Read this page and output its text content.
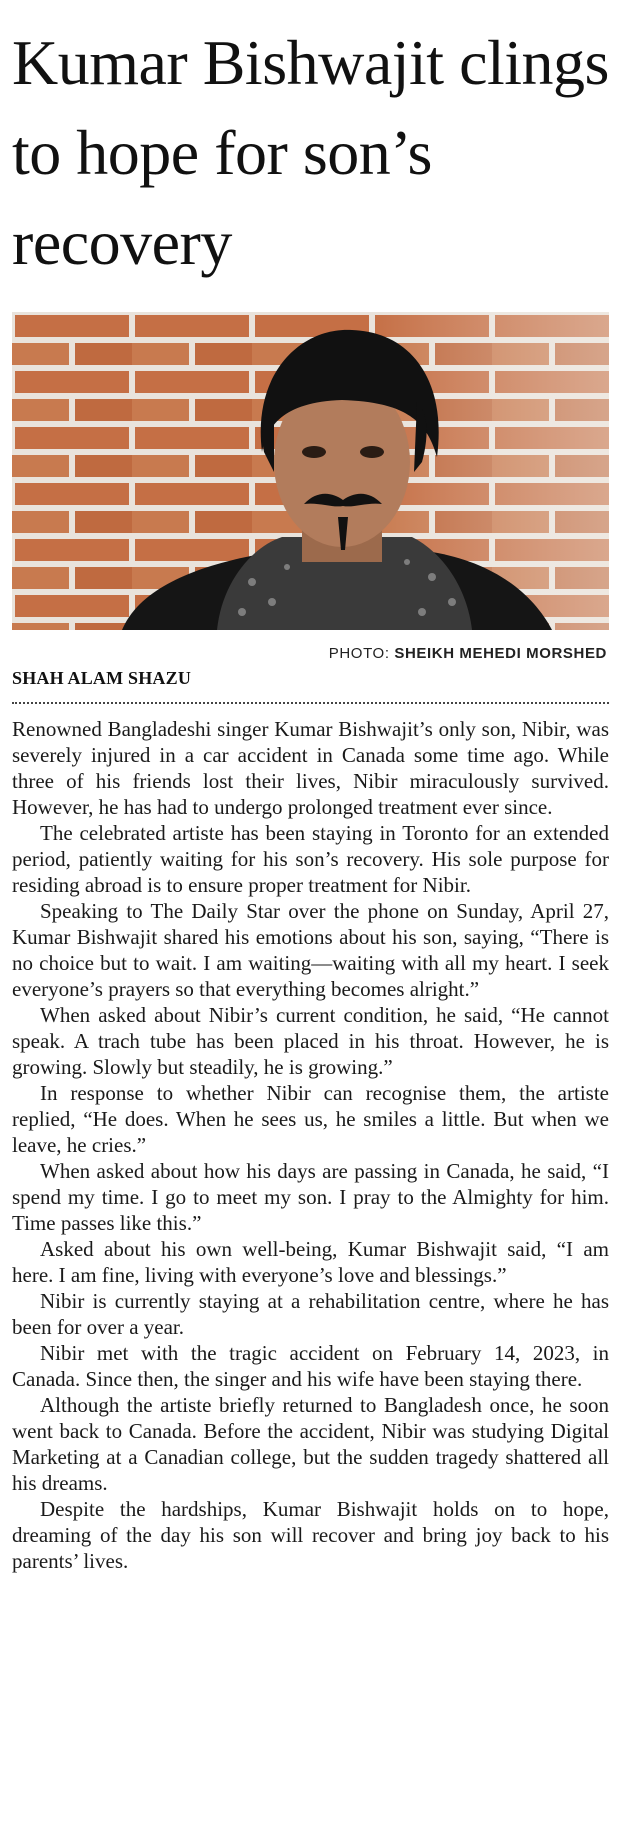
Kumar Bishwajit clings to hope for son’s recovery
PHOTO: SHEIKH MEHEDI MORSHED
SHAH ALAM SHAZU

Renowned Bangladeshi singer Kumar Bishwajit’s only son, Nibir, was severely injured in a car accident in Canada some time ago. While three of his friends lost their lives, Nibir miraculously survived. However, he has had to undergo prolonged treatment ever since.

The celebrated artiste has been staying in Toronto for an extended period, patiently waiting for his son’s recovery. His sole purpose for residing abroad is to ensure proper treatment for Nibir.

Speaking to The Daily Star over the phone on Sunday, April 27, Kumar Bishwajit shared his emotions about his son, saying, “There is no choice but to wait. I am waiting—waiting with all my heart. I seek everyone’s prayers so that everything becomes alright.”

When asked about Nibir’s current condition, he said, “He cannot speak. A trach tube has been placed in his throat. However, he is growing. Slowly but steadily, he is growing.”

In response to whether Nibir can recognise them, the artiste replied, “He does. When he sees us, he smiles a little. But when we leave, he cries.”

When asked about how his days are passing in Canada, he said, “I spend my time. I go to meet my son. I pray to the Almighty for him. Time passes like this.”

Asked about his own well-being, Kumar Bishwajit said, “I am here. I am fine, living with everyone’s love and blessings.”

Nibir is currently staying at a rehabilitation centre, where he has been for over a year.

Nibir met with the tragic accident on February 14, 2023, in Canada. Since then, the singer and his wife have been staying there.

Although the artiste briefly returned to Bangladesh once, he soon went back to Canada. Before the accident, Nibir was studying Digital Marketing at a Canadian college, but the sudden tragedy shattered all his dreams.

Despite the hardships, Kumar Bishwajit holds on to hope, dreaming of the day his son will recover and bring joy back to his parents’ lives.
